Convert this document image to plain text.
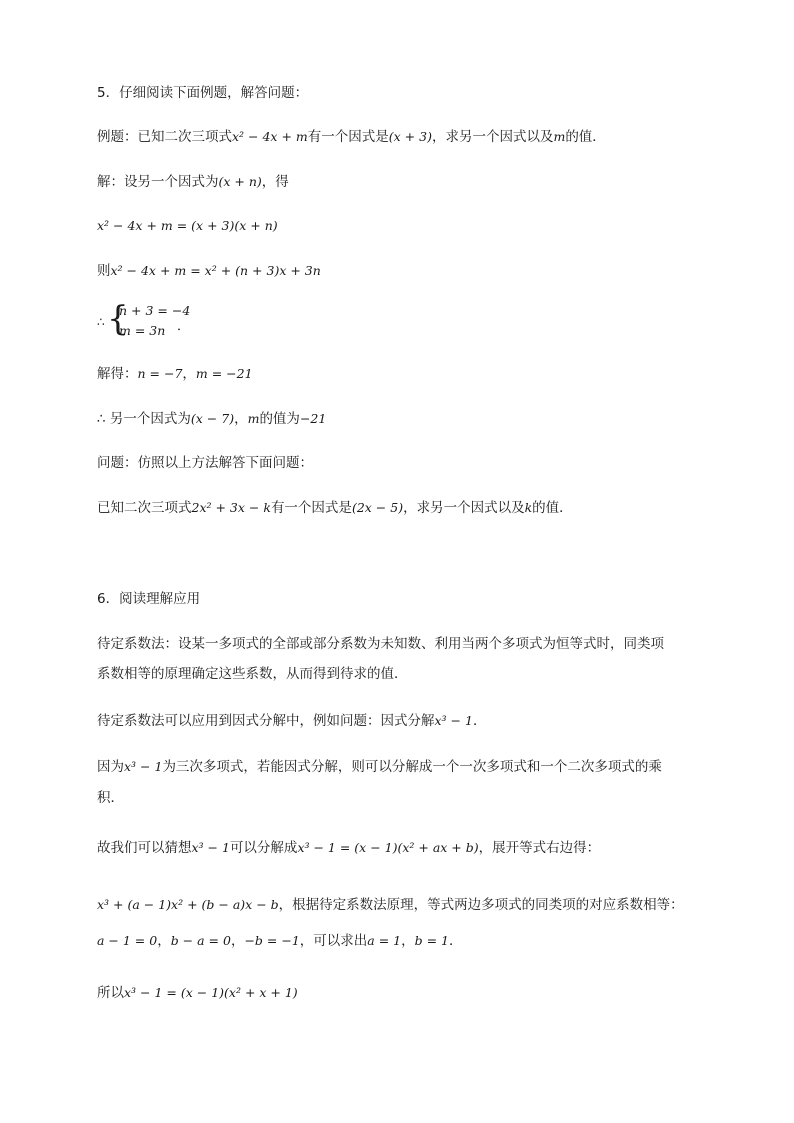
5．仔细阅读下面例题，解答问题：
例题：已知二次三项式x² − 4x + m有一个因式是(x + 3)，求另一个因式以及m的值．
解：设另一个因式为(x + n)，得
x² − 4x + m = (x + 3)(x + n)
则x² − 4x + m = x² + (n + 3)x + 3n
∴ {
n + 3 = −4
m = 3n ．
解得：n = −7，m = −21
∴ 另一个因式为(x − 7)，m的值为−21
问题：仿照以上方法解答下面问题：
已知二次三项式2x² + 3x − k有一个因式是(2x − 5)，求另一个因式以及k的值．
6．阅读理解应用
待定系数法：设某一多项式的全部或部分系数为未知数、利用当两个多项式为恒等式时，同类项
系数相等的原理确定这些系数，从而得到待求的值．
待定系数法可以应用到因式分解中，例如问题：因式分解x³ − 1．
因为x³ − 1为三次多项式，若能因式分解，则可以分解成一个一次多项式和一个二次多项式的乘
积．
故我们可以猜想x³ − 1可以分解成x³ − 1 = (x − 1)(x² + ax + b)，展开等式右边得：
x³ + (a − 1)x² + (b − a)x − b，根据待定系数法原理，等式两边多项式的同类项的对应系数相等：
a − 1 = 0，b − a = 0，−b = −1，可以求出a = 1，b = 1．
所以x³ − 1 = (x − 1)(x² + x + 1)
